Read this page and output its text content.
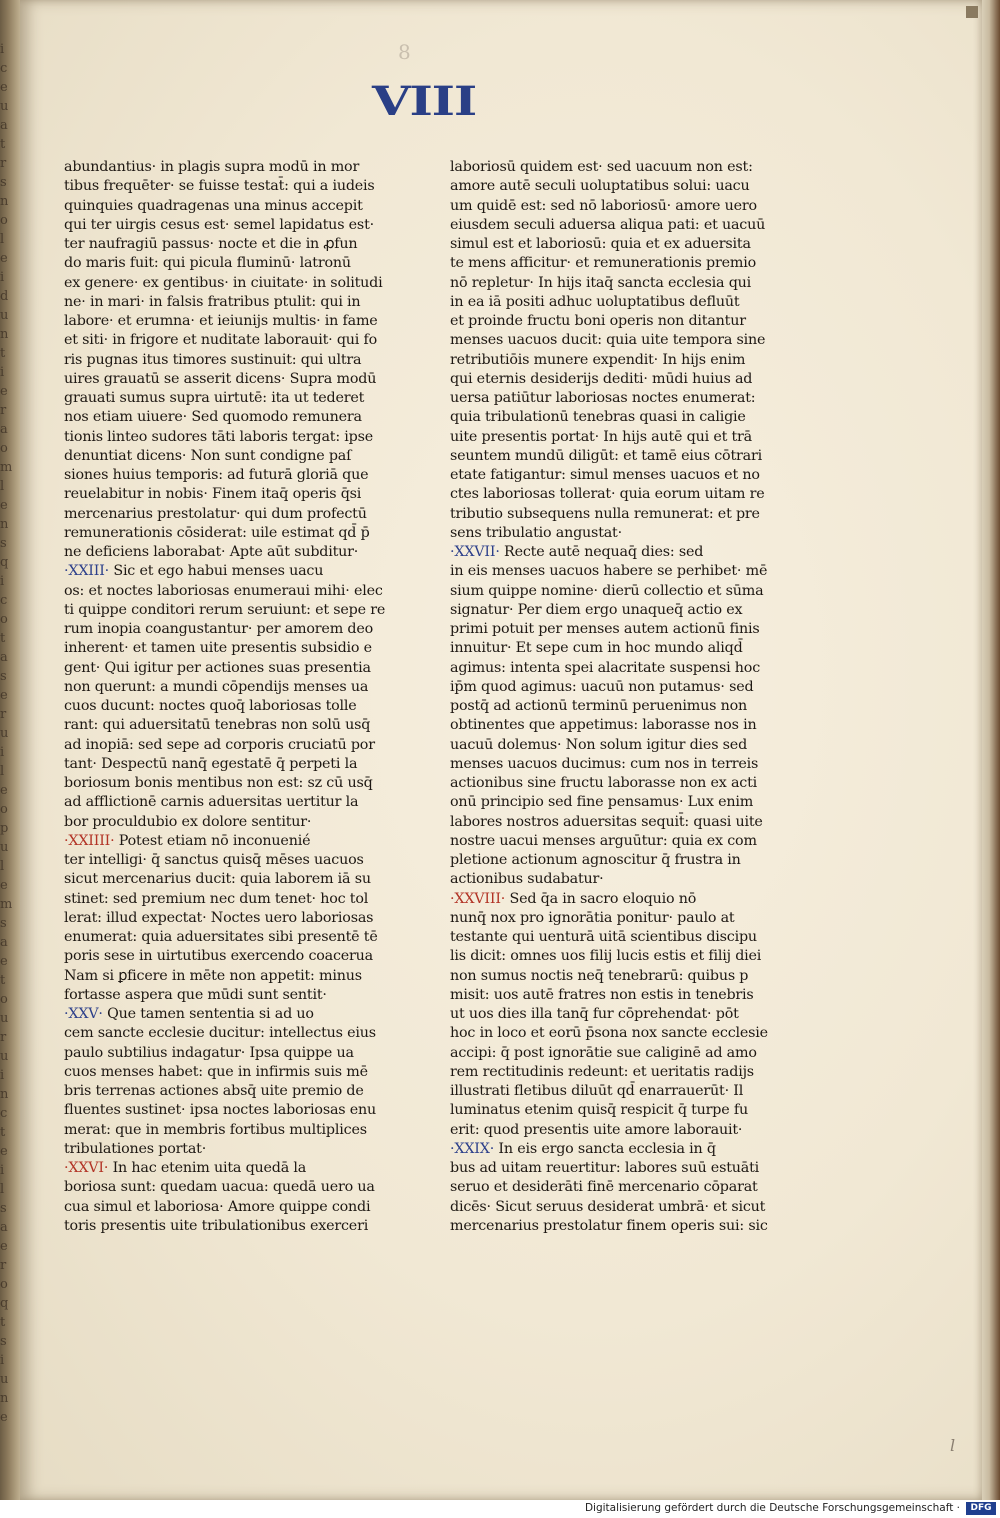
i
c
e
u
a
t
r
s
n
o
l
e
i
d
u
n
t
i
e
r
a
o
m
l
e
n
s
q
i
c
o
t
a
s
e
r
u
i
l
e
o
p
u
l
e
m
s
a
e
t
o
u
r
u
i
n
c
t
e
i
l
s
a
e
r
o
q
t
s
i
u
n
e
8
VIII
abundantius· in plagis supra modū in mor
tibus frequēter· se fuisse testat̄: qui a iudeis
quinquies quadragenas una minus accepit
qui ter uirgis cesus est· semel lapidatus est·
ter naufragiū passus· nocte et die in ꝓfun
do maris fuit: qui picula fluminū· latronū
ex genere· ex gentibus· in ciuitate· in solitudi
ne· in mari· in falsis fratribus ptulit: qui in
labore· et erumna· et ieiunijs multis· in fame
et siti· in frigore et nuditate laborauit· qui fo
ris pugnas itus timores sustinuit: qui ultra
uires grauatū se asserit dicens· Supra modū
grauati sumus supra uirtutē: ita ut tederet
nos etiam uiuere· Sed quomodo remunera
tionis linteo sudores tāti laboris tergat: ipse
denuntiat dicens· Non sunt condigne paſ
siones huius temporis: ad futurā gloriā que
reuelabitur in nobis· Finem itaq̄ operis q̄si
mercenarius prestolatur· qui dum profectū
remunerationis cōsiderat: uile estimat qd̄ p̄
ne deficiens laborabat· Apte aūt subditur·
·XXIII· Sic et ego habui menses uacu
os: et noctes laboriosas enumeraui mihi· elec
ti quippe conditori rerum seruiunt: et sepe re
rum inopia coangustantur· per amorem deo
inherent· et tamen uite presentis subsidio e
gent· Qui igitur per actiones suas presentia
non querunt: a mundi cōpendijs menses ua
cuos ducunt: noctes quoq̄ laboriosas tolle
rant: qui aduersitatū tenebras non solū usq̄
ad inopiā: sed sepe ad corporis cruciatū por
tant· Despectū nanq̄ egestatē q̄ perpeti la
boriosum bonis mentibus non est: sz cū usq̄
ad afflictionē carnis aduersitas uertitur la
bor proculdubio ex dolore sentitur·
·XXIIII· Potest etiam nō inconuenié
ter intelligi· q̄ sanctus quisq̄ mēses uacuos
sicut mercenarius ducit: quia laborem iā su
stinet: sed premium nec dum tenet· hoc tol
lerat: illud expectat· Noctes uero laboriosas
enumerat: quia aduersitates sibi presentē tē
poris sese in uirtutibus exercendo coacerua
Nam si ꝑficere in mēte non appetit: minus
fortasse aspera que mūdi sunt sentit·
·XXV· Que tamen sententia si ad uo
cem sancte ecclesie ducitur: intellectus eius
paulo subtilius indagatur· Ipsa quippe ua
cuos menses habet: que in infirmis suis mē
bris terrenas actiones absq̄ uite premio de
fluentes sustinet· ipsa noctes laboriosas enu
merat: que in membris fortibus multiplices
tribulationes portat·
·XXVI· In hac etenim uita quedā la
boriosa sunt: quedam uacua: quedā uero ua
cua simul et laboriosa· Amore quippe condi
toris presentis uite tribulationibus exerceri
laboriosū quidem est· sed uacuum non est:
amore autē seculi uoluptatibus solui: uacu
um quidē est: sed nō laboriosū· amore uero
eiusdem seculi aduersa aliqua pati: et uacuū
simul est et laboriosū: quia et ex aduersita
te mens afficitur· et remunerationis premio
nō repletur· In hijs itaq̄ sancta ecclesia qui
in ea iā positi adhuc uoluptatibus defluūt
et proinde fructu boni operis non ditantur
menses uacuos ducit: quia uite tempora sine
retributiōis munere expendit· In hijs enim
qui eternis desiderijs dediti· mūdi huius ad
uersa patiūtur laboriosas noctes enumerat:
quia tribulationū tenebras quasi in caligie
uite presentis portat· In hijs autē qui et trā
seuntem mundū diligūt: et tamē eius cōtrari
etate fatigantur: simul menses uacuos et no
ctes laboriosas tollerat· quia eorum uitam re
tributio subsequens nulla remunerat: et pre
sens tribulatio angustat·
·XXVII· Recte autē nequaq̄ dies: sed
in eis menses uacuos habere se perhibet· mē
sium quippe nomine· dierū collectio et sūma
signatur· Per diem ergo unaqueq̄ actio ex
primi potuit per menses autem actionū finis
innuitur· Et sepe cum in hoc mundo aliqd̄
agimus: intenta spei alacritate suspensi hoc
ip̄m quod agimus: uacuū non putamus· sed
postq̄ ad actionū terminū peruenimus non
obtinentes que appetimus: laborasse nos in
uacuū dolemus· Non solum igitur dies sed
menses uacuos ducimus: cum nos in terreis
actionibus sine fructu laborasse non ex acti
onū principio sed fine pensamus· Lux enim
labores nostros aduersitas sequit̄: quasi uite
nostre uacui menses arguūtur: quia ex com
pletione actionum agnoscitur q̄ frustra in
actionibus sudabatur·
·XXVIII· Sed q̄a in sacro eloquio nō
nunq̄ nox pro ignorātia ponitur· paulo at
testante qui uenturā uitā scientibus discipu
lis dicit: omnes uos filij lucis estis et filij diei
non sumus noctis neq̄ tenebrarū: quibus p
misit: uos autē fratres non estis in tenebris
ut uos dies illa tanq̄ fur cōprehendat· pōt
hoc in loco et eorū p̄sona nox sancte ecclesie
accipi: q̄ post ignorātie sue caliginē ad amo
rem rectitudinis redeunt: et ueritatis radijs
illustrati fletibus diluūt qd̄ enarrauerūt· Il
luminatus etenim quisq̄ respicit q̄ turpe fu
erit: quod presentis uite amore laborauit·
·XXIX· In eis ergo sancta ecclesia in q̄
bus ad uitam reuertitur: labores suū estuāti
seruo et desiderāti finē mercenario cōparat
dicēs· Sicut seruus desiderat umbrā· et sicut
mercenarius prestolatur finem operis sui: sic
l
Digitalisierung gefördert durch die Deutsche Forschungsgemeinschaft ·	DFG
